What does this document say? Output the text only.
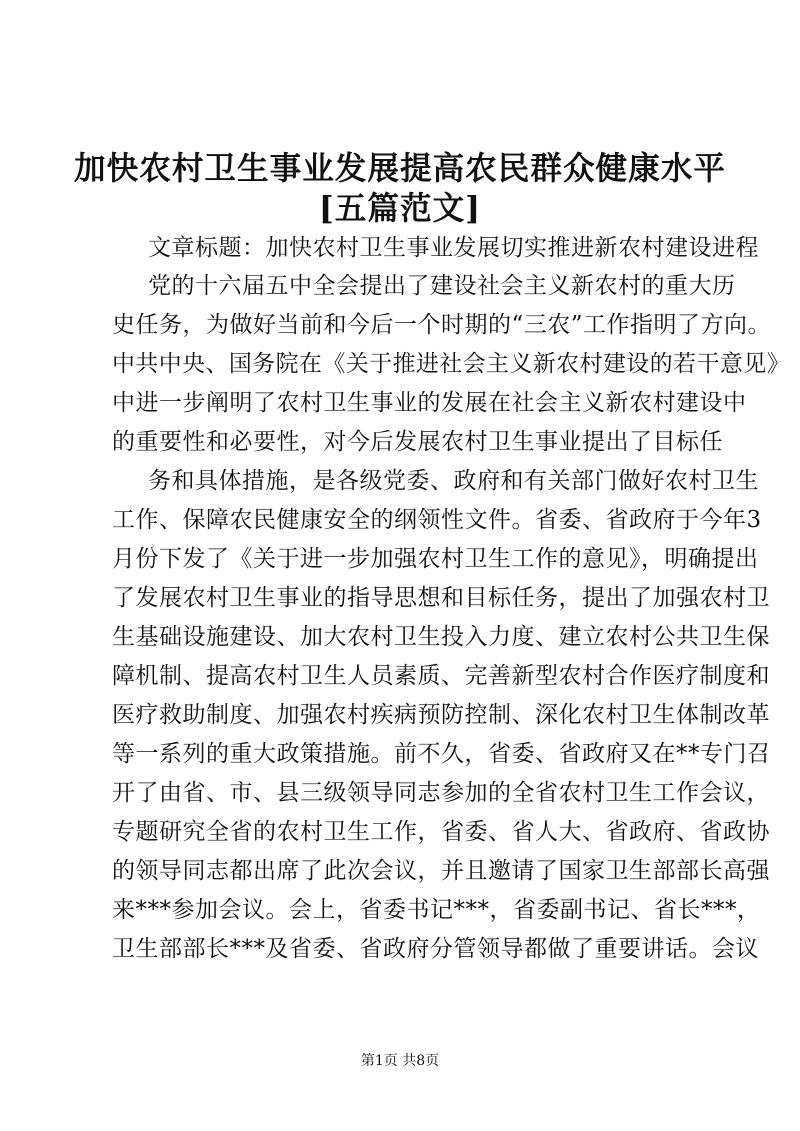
加快农村卫生事业发展提高农民群众健康水平
[五篇范文]
文章标题：加快农村卫生事业发展切实推进新农村建设进程
党的十六届五中全会提出了建设社会主义新农村的重大历
史任务，为做好当前和今后一个时期的“三农”工作指明了方向。
中共中央、国务院在《关于推进社会主义新农村建设的若干意见》
中进一步阐明了农村卫生事业的发展在社会主义新农村建设中
的重要性和必要性，对今后发展农村卫生事业提出了目标任
务和具体措施，是各级党委、政府和有关部门做好农村卫生
工作、保障农民健康安全的纲领性文件。省委、省政府于今年3
月份下发了《关于进一步加强农村卫生工作的意见》，明确提出
了发展农村卫生事业的指导思想和目标任务，提出了加强农村卫
生基础设施建设、加大农村卫生投入力度、建立农村公共卫生保
障机制、提高农村卫生人员素质、完善新型农村合作医疗制度和
医疗救助制度、加强农村疾病预防控制、深化农村卫生体制改革
等一系列的重大政策措施。前不久，省委、省政府又在**专门召
开了由省、市、县三级领导同志参加的全省农村卫生工作会议，
专题研究全省的农村卫生工作，省委、省人大、省政府、省政协
的领导同志都出席了此次会议，并且邀请了国家卫生部部长高强
来***参加会议。会上，省委书记***，省委副书记、省长***，
卫生部部长***及省委、省政府分管领导都做了重要讲话。会议
第1页 共8页
